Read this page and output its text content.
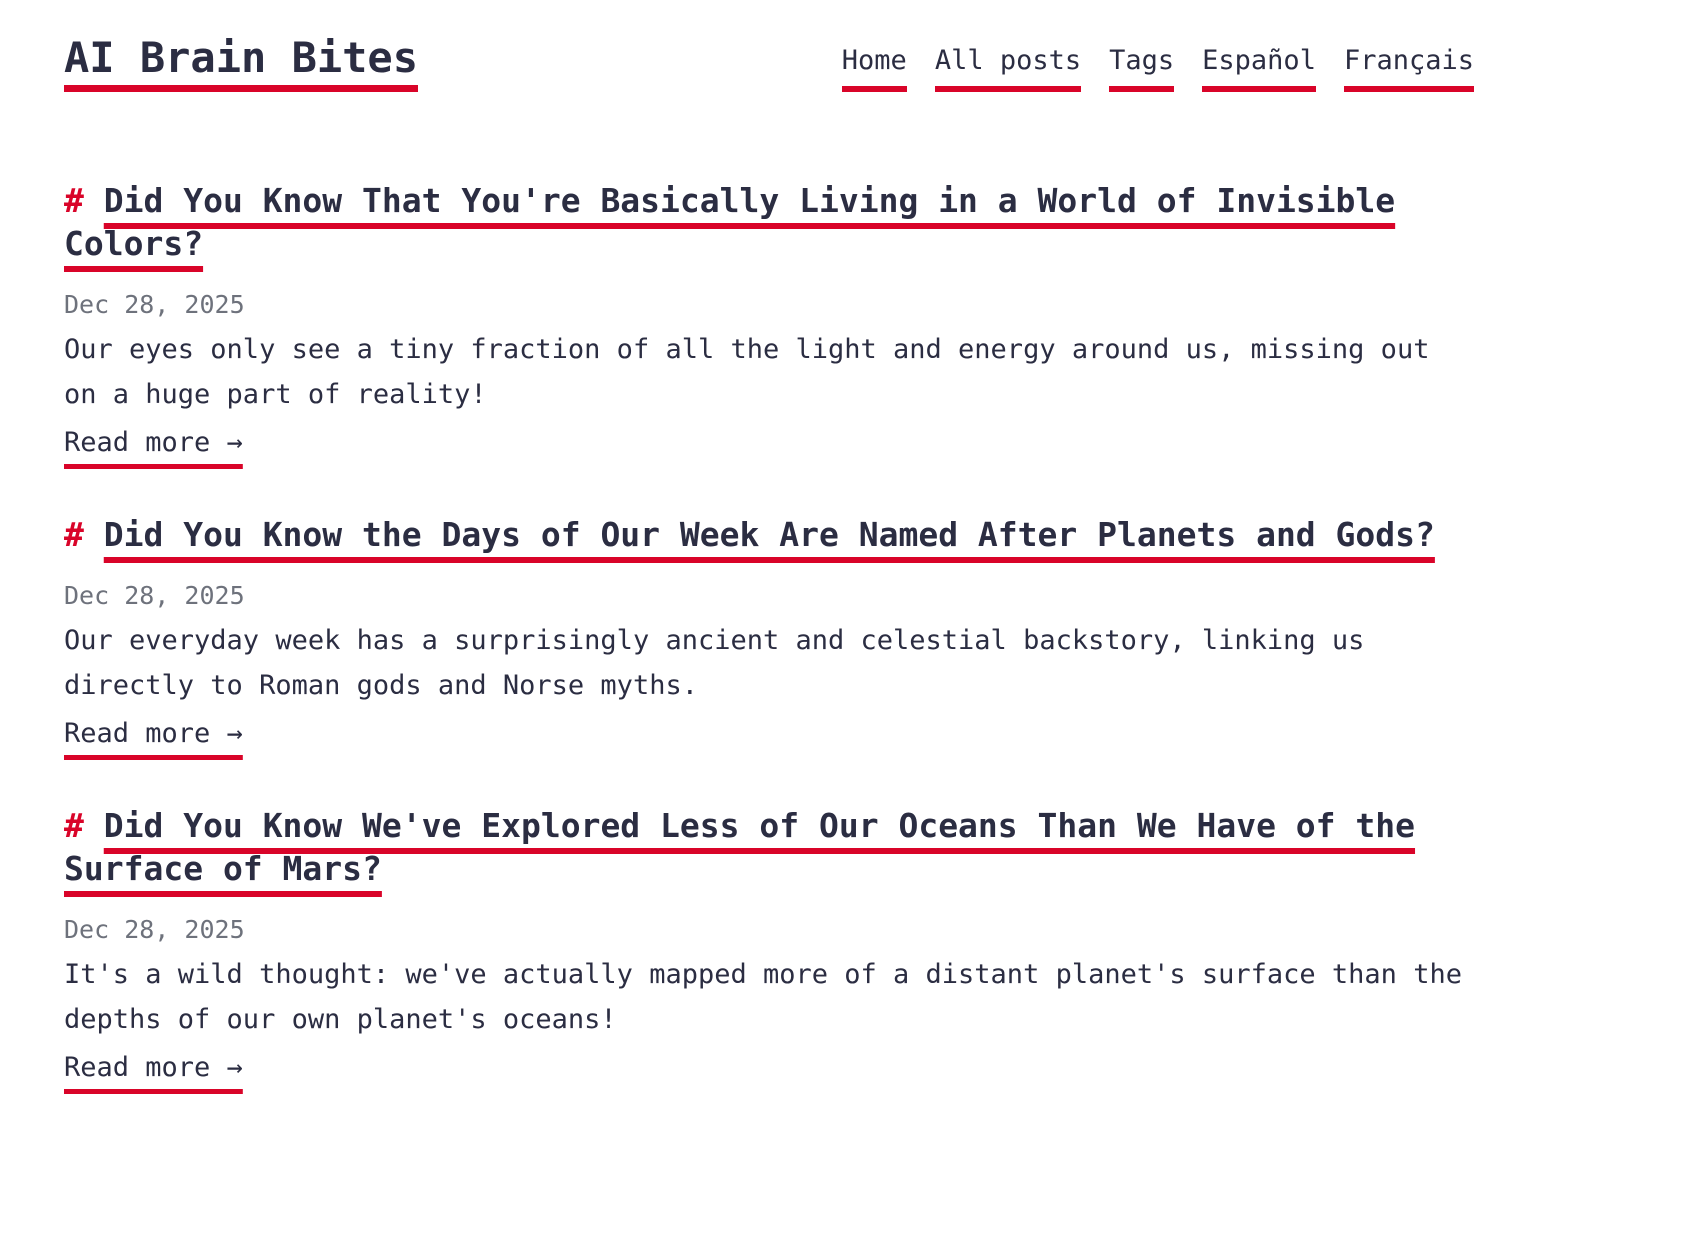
AI Brain Bites	Home All posts Tags Español Français
# Did You Know That You're Basically Living in a World of Invisible Colors?
Dec 28, 2025

Our eyes only see a tiny fraction of all the light and energy around us, missing out on a huge part of reality!

Read more →
# Did You Know the Days of Our Week Are Named After Planets and Gods?
Dec 28, 2025

Our everyday week has a surprisingly ancient and celestial backstory, linking us directly to Roman gods and Norse myths.

Read more →
# Did You Know We've Explored Less of Our Oceans Than We Have of the Surface of Mars?
Dec 28, 2025

It's a wild thought: we've actually mapped more of a distant planet's surface than the depths of our own planet's oceans!

Read more →
